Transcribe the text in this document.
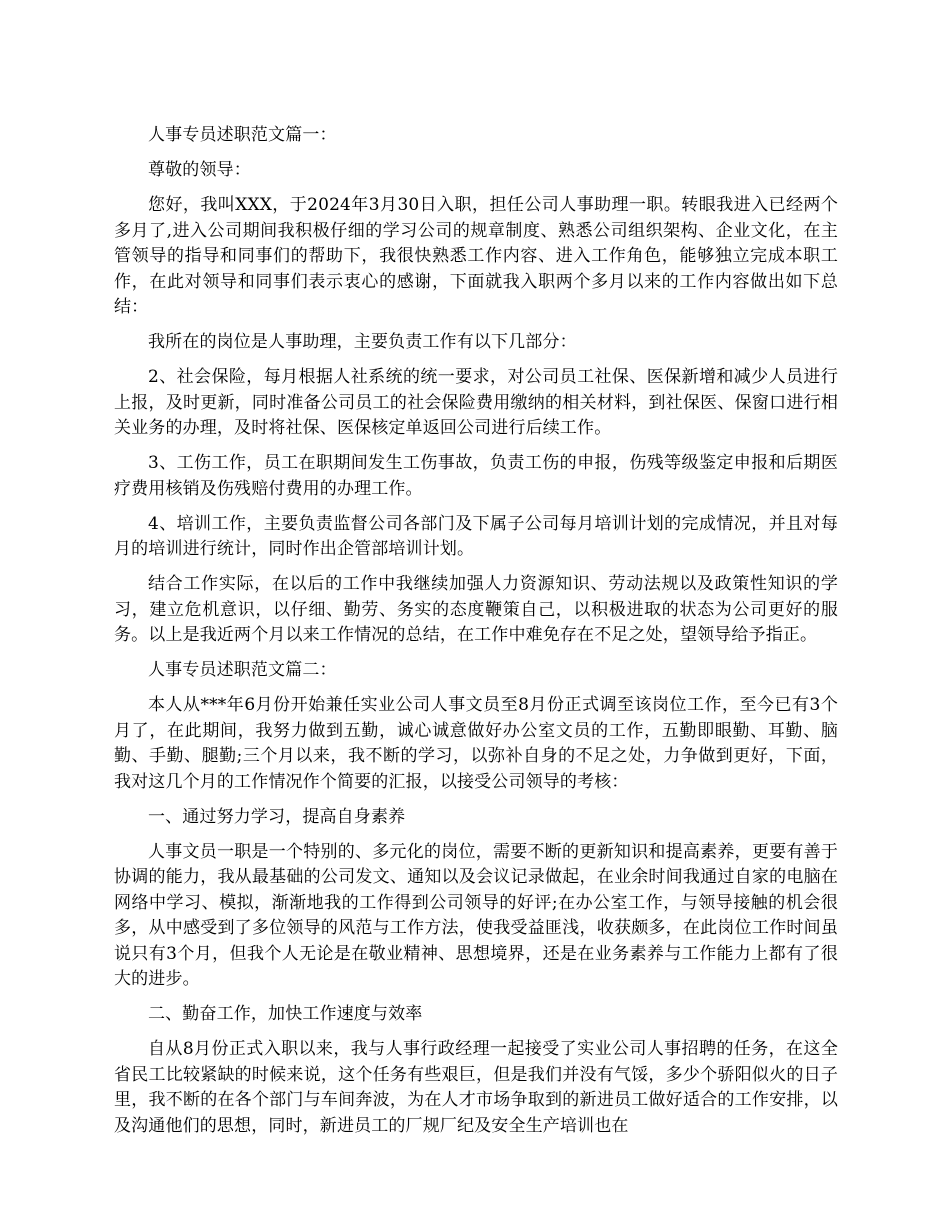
人事专员述职范文篇一：

尊敬的领导：

您好，我叫XXX，于2024年3月30日入职，担任公司人事助理一职。转眼我进入已经两个多月了,进入公司期间我积极仔细的学习公司的规章制度、熟悉公司组织架构、企业文化，在主管领导的指导和同事们的帮助下，我很快熟悉工作内容、进入工作角色，能够独立完成本职工作，在此对领导和同事们表示衷心的感谢，下面就我入职两个多月以来的工作内容做出如下总结：

我所在的岗位是人事助理，主要负责工作有以下几部分：

2、社会保险，每月根据人社系统的统一要求，对公司员工社保、医保新增和减少人员进行上报，及时更新，同时准备公司员工的社会保险费用缴纳的相关材料，到社保医、保窗口进行相关业务的办理，及时将社保、医保核定单返回公司进行后续工作。

3、工伤工作，员工在职期间发生工伤事故，负责工伤的申报，伤残等级鉴定申报和后期医疗费用核销及伤残赔付费用的办理工作。

4、培训工作，主要负责监督公司各部门及下属子公司每月培训计划的完成情况，并且对每月的培训进行统计，同时作出企管部培训计划。

结合工作实际，在以后的工作中我继续加强人力资源知识、劳动法规以及政策性知识的学习，建立危机意识，以仔细、勤劳、务实的态度鞭策自己，以积极进取的状态为公司更好的服务。以上是我近两个月以来工作情况的总结，在工作中难免存在不足之处，望领导给予指正。

人事专员述职范文篇二：

本人从***年6月份开始兼任实业公司人事文员至8月份正式调至该岗位工作，至今已有3个月了，在此期间，我努力做到五勤，诚心诚意做好办公室文员的工作，五勤即眼勤、耳勤、脑勤、手勤、腿勤;三个月以来，我不断的学习，以弥补自身的不足之处，力争做到更好，下面，我对这几个月的工作情况作个简要的汇报，以接受公司领导的考核：

一、通过努力学习，提高自身素养

人事文员一职是一个特别的、多元化的岗位，需要不断的更新知识和提高素养，更要有善于协调的能力，我从最基础的公司发文、通知以及会议记录做起，在业余时间我通过自家的电脑在网络中学习、模拟，渐渐地我的工作得到公司领导的好评;在办公室工作，与领导接触的机会很多，从中感受到了多位领导的风范与工作方法，使我受益匪浅，收获颇多，在此岗位工作时间虽说只有3个月，但我个人无论是在敬业精神、思想境界，还是在业务素养与工作能力上都有了很大的进步。

二、勤奋工作，加快工作速度与效率

自从8月份正式入职以来，我与人事行政经理一起接受了实业公司人事招聘的任务，在这全省民工比较紧缺的时候来说，这个任务有些艰巨，但是我们并没有气馁，多少个骄阳似火的日子里，我不断的在各个部门与车间奔波，为在人才市场争取到的新进员工做好适合的工作安排，以及沟通他们的思想，同时，新进员工的厂规厂纪及安全生产培训也在
